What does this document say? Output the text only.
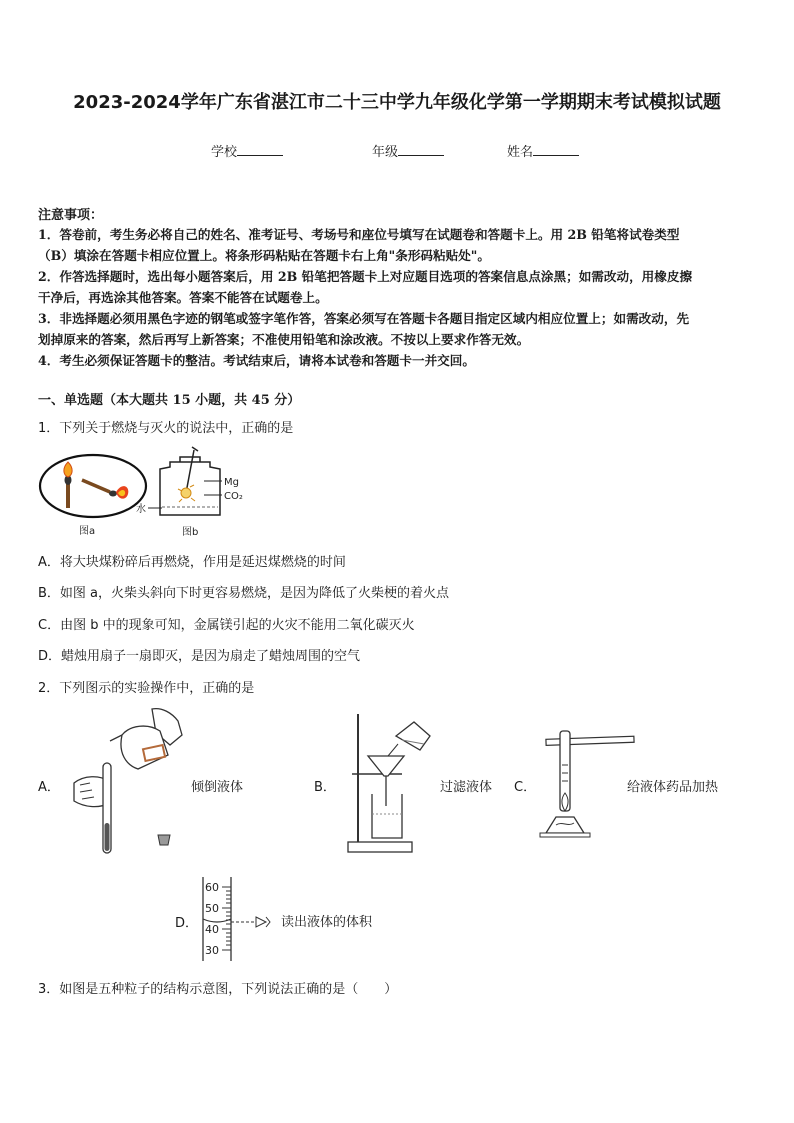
2023-2024学年广东省湛江市二十三中学九年级化学第一学期期末考试模拟试题
学校	年级	姓名
注意事项：
1．答卷前，考生务必将自己的姓名、准考证号、考场号和座位号填写在试题卷和答题卡上。用 2B 铅笔将试卷类型
（B）填涂在答题卡相应位置上。将条形码粘贴在答题卡右上角"条形码粘贴处"。
2．作答选择题时，选出每小题答案后，用 2B 铅笔把答题卡上对应题目选项的答案信息点涂黑；如需改动，用橡皮擦
干净后，再选涂其他答案。答案不能答在试题卷上。
3．非选择题必须用黑色字迹的钢笔或签字笔作答，答案必须写在答题卡各题目指定区域内相应位置上；如需改动，先
划掉原来的答案，然后再写上新答案；不准使用铅笔和涂改液。不按以上要求作答无效。
4．考生必须保证答题卡的整洁。考试结束后，请将本试卷和答题卡一并交回。
一、单选题（本大题共 15 小题，共 45 分）
1．下列关于燃烧与灭火的说法中，正确的是
图a
Mg
CO₂
水
图b
A．将大块煤粉碎后再燃烧，作用是延迟煤燃烧的时间
B．如图 a，火柴头斜向下时更容易燃烧，是因为降低了火柴梗的着火点
C．由图 b 中的现象可知，金属镁引起的火灾不能用二氧化碳灭火
D．蜡烛用扇子一扇即灭，是因为扇走了蜡烛周围的空气
2．下列图示的实验操作中，正确的是
A．	倾倒液体	B．	过滤液体 C．	给液体药品加热
D．
60
50
40
30
读出液体的体积
3．如图是五种粒子的结构示意图，下列说法正确的是（　　）
